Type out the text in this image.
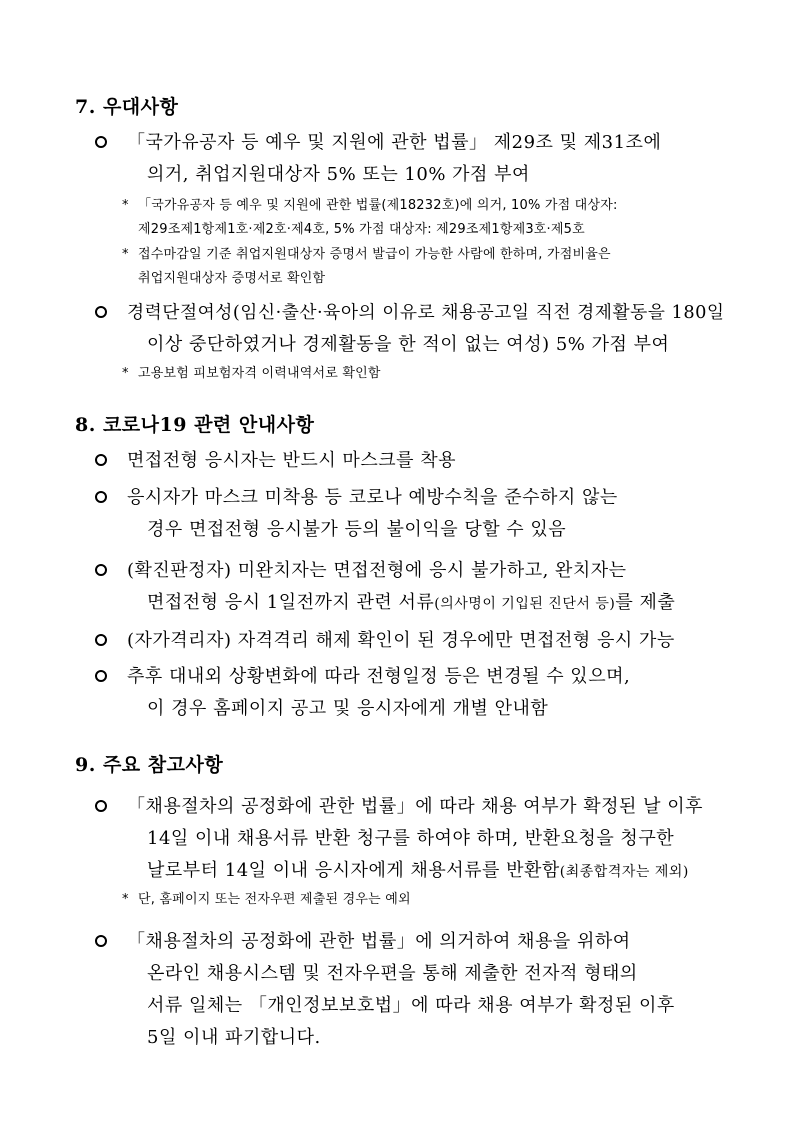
7. 우대사항
「국가유공자 등 예우 및 지원에 관한 법률」 제29조 및 제31조에
의거, 취업지원대상자 5% 또는 10% 가점 부여
* 「국가유공자 등 예우 및 지원에 관한 법률(제18232호)에 의거, 10% 가점 대상자:
제29조제1항제1호·제2호·제4호, 5% 가점 대상자: 제29조제1항제3호·제5호
* 접수마감일 기준 취업지원대상자 증명서 발급이 가능한 사람에 한하며, 가점비율은
취업지원대상자 증명서로 확인함
경력단절여성(임신·출산·육아의 이유로 채용공고일 직전 경제활동을 180일
이상 중단하였거나 경제활동을 한 적이 없는 여성) 5% 가점 부여
* 고용보험 피보험자격 이력내역서로 확인함
8. 코로나19 관련 안내사항
면접전형 응시자는 반드시 마스크를 착용
응시자가 마스크 미착용 등 코로나 예방수칙을 준수하지 않는
경우 면접전형 응시불가 등의 불이익을 당할 수 있음
(확진판정자) 미완치자는 면접전형에 응시 불가하고, 완치자는
면접전형 응시 1일전까지 관련 서류(의사명이 기입된 진단서 등)를 제출
(자가격리자) 자격격리 해제 확인이 된 경우에만 면접전형 응시 가능
추후 대내외 상황변화에 따라 전형일정 등은 변경될 수 있으며,
이 경우 홈페이지 공고 및 응시자에게 개별 안내함
9. 주요 참고사항
「채용절차의 공정화에 관한 법률」에 따라 채용 여부가 확정된 날 이후
14일 이내 채용서류 반환 청구를 하여야 하며, 반환요청을 청구한
날로부터 14일 이내 응시자에게 채용서류를 반환함(최종합격자는 제외)
* 단, 홈페이지 또는 전자우편 제출된 경우는 예외
「채용절차의 공정화에 관한 법률」에 의거하여 채용을 위하여
온라인 채용시스템 및 전자우편을 통해 제출한 전자적 형태의
서류 일체는 「개인정보보호법」에 따라 채용 여부가 확정된 이후
5일 이내 파기합니다.
